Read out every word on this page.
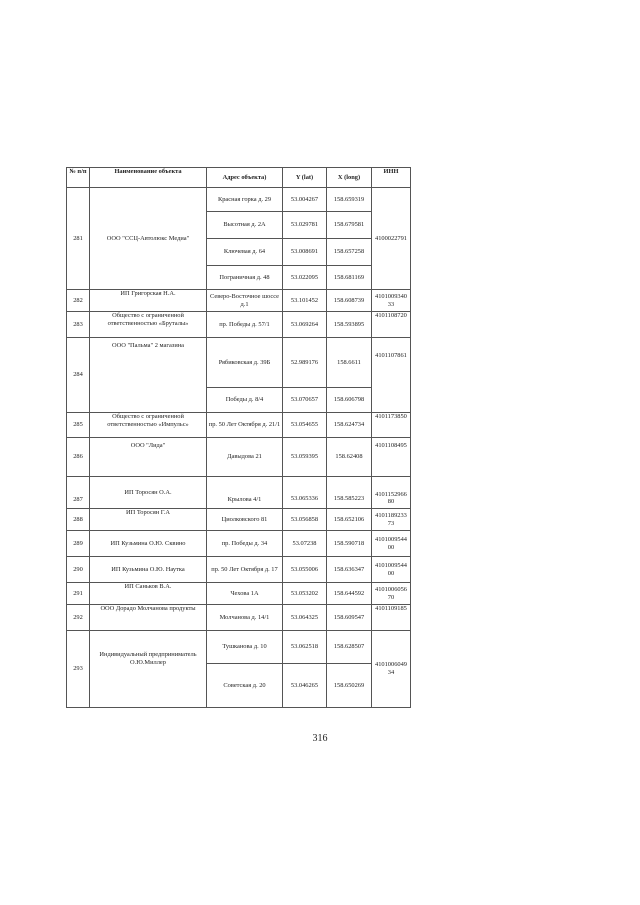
№ п/п	Наименование объекта	Адрес объекта)	Y (lat)	X (long)	ИНН
281	ООО "ССЦ-Автолюкс Медиа"	Красная горка д. 29	53.004267	158.659319	4100022791
		Высотная д. 2А	53.029781	158.679581	
		Ключевая д. 64	53.008691	158.657258	
		Пограничная д. 48	53.022095	158.681169	
282	ИП Григорская Н.А.	Северо-Восточное шоссе д.1	53.101452	158.608739	4101009340 33
283	Общество с ограниченной ответственностью «Бруталы»	пр. Победы д. 57/1	53.069264	158.593895	4101108720
284	ООО "Пальма" 2 магазина	Рябиковская д. 39Б	52.989176	158.6611	4101107861
		Победы д. 8/4	53.070657	158.606798	
285	Общество с ограниченной ответственностью «Импульс»	пр. 50 Лет Октября д. 21/1	53.054655	158.624734	4101173850
286	ООО "Лида"	Давыдова 21	53.059395	158.62408	4101108495
287	ИП Торосян О.А.	Крылова 4/1	53.065336	158.585223	4101152966 80
288	ИП Торосян Г.А	Циолковского 81	53.056858	158.652106	4101189233 73
289	ИП Кузьмина О.Ю. Сквино	пр. Победы д. 34	53.07238	158.590718	4101009544 00
290	ИП Кузьмина О.Ю. Наутка	пр. 50 Лет Октября д. 17	53.055006	158.636347	4101009544 00
291	ИП Саньков В.А.	Чехова 1А	53.053202	158.644592	4101006056 70
292	ООО Дорадо Молчанова продукты	Молчанова д. 14/1	53.064325	158.609547	4101109185
293	Индивидуальный предприниматель О.Ю.Миллер	Тушканова д. 10	53.062518	158.628507	4101006049 34
		Советская д. 20	53.046265	158.650269	
316
